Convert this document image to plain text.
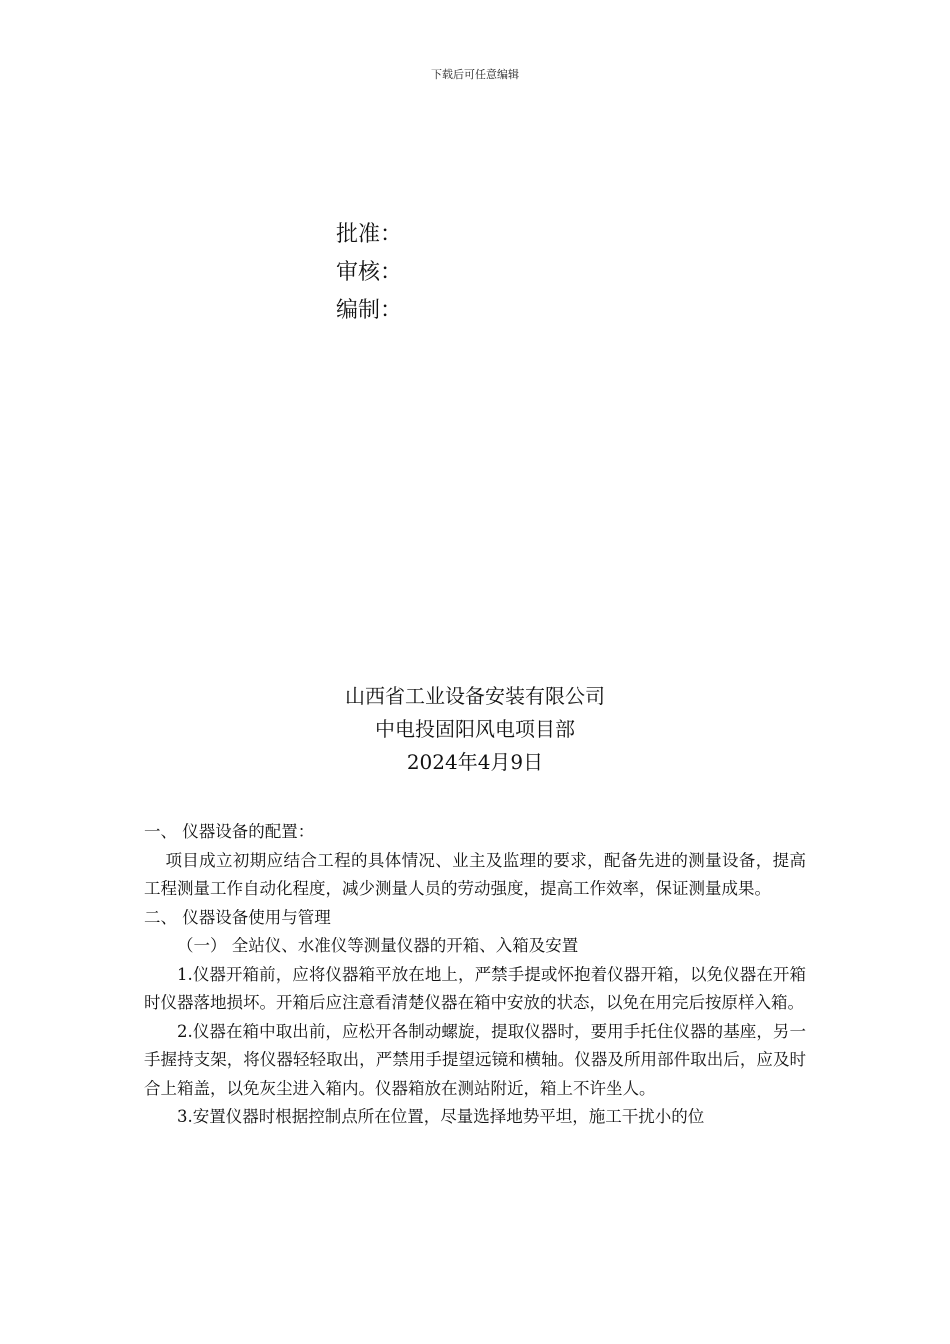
下载后可任意编辑
批准：
审核：
编制：
山西省工业设备安装有限公司
中电投固阳风电项目部
2024年4月9日

一、 仪器设备的配置：

项目成立初期应结合工程的具体情况、业主及监理的要求，配备先进的测量设备，提高工程测量工作自动化程度，减少测量人员的劳动强度，提高工作效率，保证测量成果。

二、 仪器设备使用与管理

（一） 全站仪、水准仪等测量仪器的开箱、入箱及安置

1.仪器开箱前，应将仪器箱平放在地上，严禁手提或怀抱着仪器开箱，以免仪器在开箱时仪器落地损坏。开箱后应注意看清楚仪器在箱中安放的状态，以免在用完后按原样入箱。

2.仪器在箱中取出前，应松开各制动螺旋，提取仪器时，要用手托住仪器的基座，另一手握持支架，将仪器轻轻取出，严禁用手提望远镜和横轴。仪器及所用部件取出后，应及时合上箱盖，以免灰尘进入箱内。仪器箱放在测站附近，箱上不许坐人。

3.安置仪器时根据控制点所在位置，尽量选择地势平坦，施工干扰小的位
